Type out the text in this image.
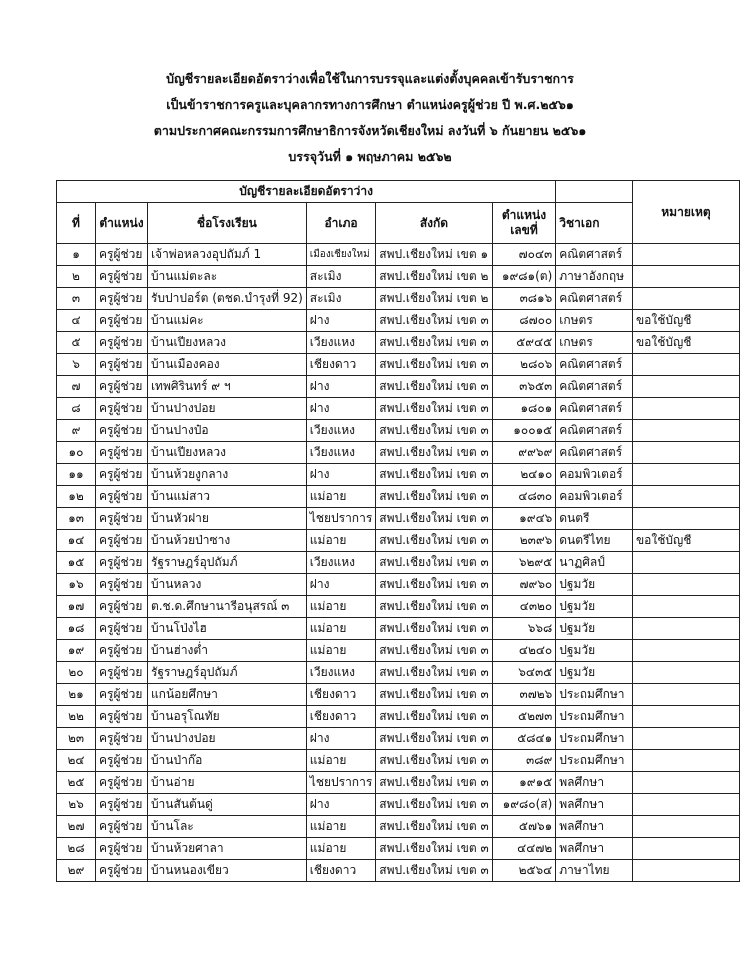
บัญชีรายละเอียดอัตราว่างเพื่อใช้ในการบรรจุและแต่งตั้งบุคคลเข้ารับราชการ
เป็นข้าราชการครูและบุคลากรทางการศึกษา ตำแหน่งครูผู้ช่วย ปี พ.ศ.๒๕๖๑
ตามประกาศคณะกรรมการศึกษาธิการจังหวัดเชียงใหม่ ลงวันที่ ๖ กันยายน ๒๕๖๑
บรรจุวันที่ ๑ พฤษภาคม ๒๕๖๒
บัญชีรายละเอียดอัตราว่าง							หมายเหตุ
ที่	ตำแหน่ง	ชื่อโรงเรียน	อำเภอ	สังกัด	ตำแหน่ง
เลขที่	วิชาเอก	
๑	ครูผู้ช่วย	เจ้าพ่อหลวงอุปถัมภ์ 1	เมืองเชียงใหม่	สพป.เชียงใหม่ เขต ๑	๗๐๔๓	คณิตศาสตร์	
๒	ครูผู้ช่วย	บ้านแม่ตะละ	สะเมิง	สพป.เชียงใหม่ เขต ๒	๑๙๘๑(ต)	ภาษาอังกฤษ	
๓	ครูผู้ช่วย	รับปาปอร์ต (ตชด.บำรุงที่ 92)	สะเมิง	สพป.เชียงใหม่ เขต ๒	๓๘๑๖	คณิตศาสตร์	
๔	ครูผู้ช่วย	บ้านแม่คะ	ฝาง	สพป.เชียงใหม่ เขต ๓	๘๗๐๐	เกษตร	ขอใช้บัญชี
๕	ครูผู้ช่วย	บ้านเปียงหลวง	เวียงแหง	สพป.เชียงใหม่ เขต ๓	๕๙๔๕	เกษตร	ขอใช้บัญชี
๖	ครูผู้ช่วย	บ้านเมืองคอง	เชียงดาว	สพป.เชียงใหม่ เขต ๓	๒๘๐๖	คณิตศาสตร์	
๗	ครูผู้ช่วย	เทพศิรินทร์ ๙ ฯ	ฝาง	สพป.เชียงใหม่ เขต ๓	๓๖๕๓	คณิตศาสตร์	
๘	ครูผู้ช่วย	บ้านปางปอย	ฝาง	สพป.เชียงใหม่ เขต ๓	๑๘๐๑	คณิตศาสตร์	
๙	ครูผู้ช่วย	บ้านปางป๋อ	เวียงแหง	สพป.เชียงใหม่ เขต ๓	๑๐๐๑๕	คณิตศาสตร์	
๑๐	ครูผู้ช่วย	บ้านเปียงหลวง	เวียงแหง	สพป.เชียงใหม่ เขต ๓	๙๙๖๙	คณิตศาสตร์	
๑๑	ครูผู้ช่วย	บ้านห้วยงูกลาง	ฝาง	สพป.เชียงใหม่ เขต ๓	๒๔๑๐	คอมพิวเตอร์	
๑๒	ครูผู้ช่วย	บ้านแม่สาว	แม่อาย	สพป.เชียงใหม่ เขต ๓	๔๘๓๐	คอมพิวเตอร์	
๑๓	ครูผู้ช่วย	บ้านหัวฝาย	ไชยปราการ	สพป.เชียงใหม่ เขต ๓	๑๙๔๖	ดนตรี	
๑๔	ครูผู้ช่วย	บ้านห้วยป่าซาง	แม่อาย	สพป.เชียงใหม่ เขต ๓	๒๓๙๖	ดนตรีไทย	ขอใช้บัญชี
๑๕	ครูผู้ช่วย	รัฐราษฎร์อุปถัมภ์	เวียงแหง	สพป.เชียงใหม่ เขต ๓	๖๒๙๕	นาฏศิลป์	
๑๖	ครูผู้ช่วย	บ้านหลวง	ฝาง	สพป.เชียงใหม่ เขต ๓	๗๙๖๐	ปฐมวัย	
๑๗	ครูผู้ช่วย	ต.ช.ด.ศึกษานารีอนุสรณ์ ๓	แม่อาย	สพป.เชียงใหม่ เขต ๓	๔๓๒๐	ปฐมวัย	
๑๘	ครูผู้ช่วย	บ้านโป่งไฮ	แม่อาย	สพป.เชียงใหม่ เขต ๓	๖๖๘	ปฐมวัย	
๑๙	ครูผู้ช่วย	บ้านฮ่างต่ำ	แม่อาย	สพป.เชียงใหม่ เขต ๓	๔๒๔๐	ปฐมวัย	
๒๐	ครูผู้ช่วย	รัฐราษฎร์อุปถัมภ์	เวียงแหง	สพป.เชียงใหม่ เขต ๓	๖๔๓๕	ปฐมวัย	
๒๑	ครูผู้ช่วย	แกน้อยศึกษา	เชียงดาว	สพป.เชียงใหม่ เขต ๓	๓๗๒๖	ประถมศึกษา	
๒๒	ครูผู้ช่วย	บ้านอรุโณทัย	เชียงดาว	สพป.เชียงใหม่ เขต ๓	๕๒๗๓	ประถมศึกษา	
๒๓	ครูผู้ช่วย	บ้านปางปอย	ฝาง	สพป.เชียงใหม่ เขต ๓	๕๘๔๑	ประถมศึกษา	
๒๔	ครูผู้ช่วย	บ้านป่าก๊อ	แม่อาย	สพป.เชียงใหม่ เขต ๓	๓๘๙	ประถมศึกษา	
๒๕	ครูผู้ช่วย	บ้านอ่าย	ไชยปราการ	สพป.เชียงใหม่ เขต ๓	๑๙๑๕	พลศึกษา	
๒๖	ครูผู้ช่วย	บ้านสันต้นดู่	ฝาง	สพป.เชียงใหม่ เขต ๓	๑๙๘๐(ส)	พลศึกษา	
๒๗	ครูผู้ช่วย	บ้านโละ	แม่อาย	สพป.เชียงใหม่ เขต ๓	๕๗๖๑	พลศึกษา	
๒๘	ครูผู้ช่วย	บ้านห้วยศาลา	แม่อาย	สพป.เชียงใหม่ เขต ๓	๔๔๗๒	พลศึกษา	
๒๙	ครูผู้ช่วย	บ้านหนองเขียว	เชียงดาว	สพป.เชียงใหม่ เขต ๓	๒๕๖๔	ภาษาไทย	
